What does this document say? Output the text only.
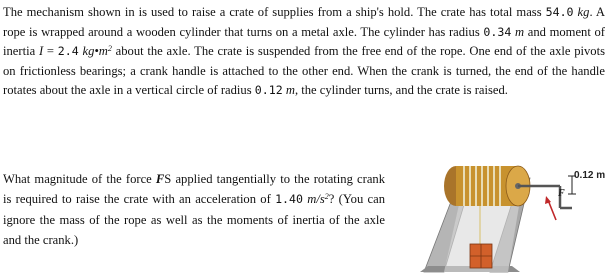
The mechanism shown in is used to raise a crate of supplies from a ship's hold. The crate has total mass 54.0 kg. A rope is wrapped around a wooden cylinder that turns on a metal axle. The cylinder has radius 0.34 m and moment of inertia I = 2.4 $kg•m^2$ about the axle. The crate is suspended from the free end of the rope. One end of the axle pivots on frictionless bearings; a crank handle is attached to the other end. When the crank is turned, the end of the handle rotates about the axle in a vertical circle of radius 0.12 m, the cylinder turns, and the crate is raised.
What magnitude of the force FS applied tangentially to the rotating crank is required to raise the crate with an acceleration of 1.40 $m/s^2$? (You can ignore the mass of the rope as well as the moments of inertia of the axle and the crank.)
0.12 m
F
